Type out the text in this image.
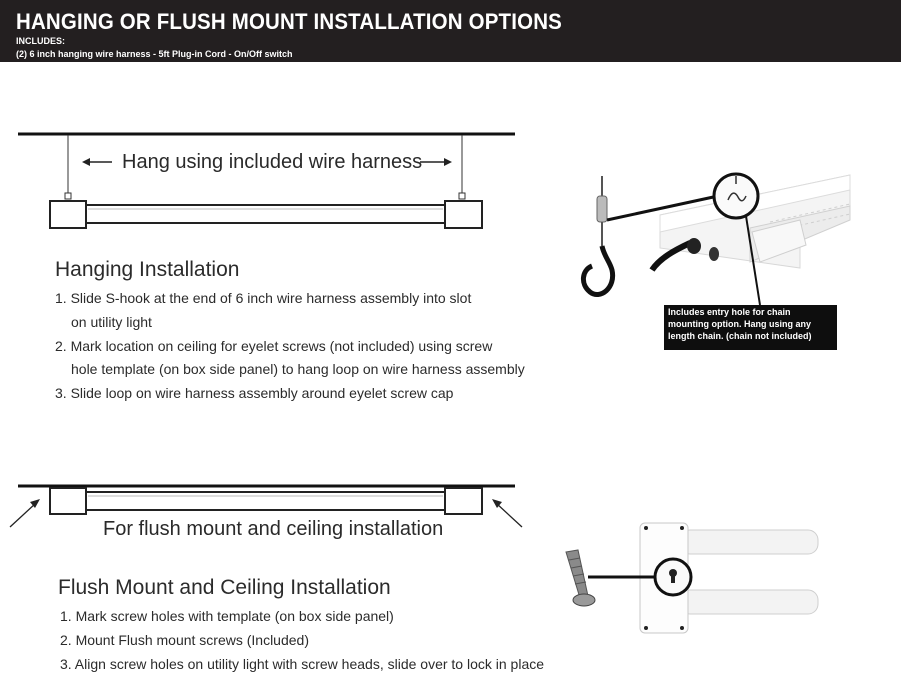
HANGING OR FLUSH MOUNT INSTALLATION OPTIONS
INCLUDES:
(2) 6 inch hanging wire harness - 5ft Plug-in Cord - On/Off switch
Hang using included wire harness
For flush mount and ceiling installation
Hanging Installation
1. Slide S-hook at the end of 6 inch wire harness assembly into slot
on utility light
2. Mark location on ceiling for eyelet screws (not included) using screw
hole template (on box side panel) to hang loop on wire harness assembly
3. Slide loop on wire harness assembly around eyelet screw cap
Includes entry hole for chain
mounting option. Hang using any
length chain. (chain not included)
Flush Mount and Ceiling Installation
1. Mark screw holes with template (on box side panel)
2. Mount Flush mount screws (Included)
3. Align screw holes on utility light with screw heads, slide over to lock in place
